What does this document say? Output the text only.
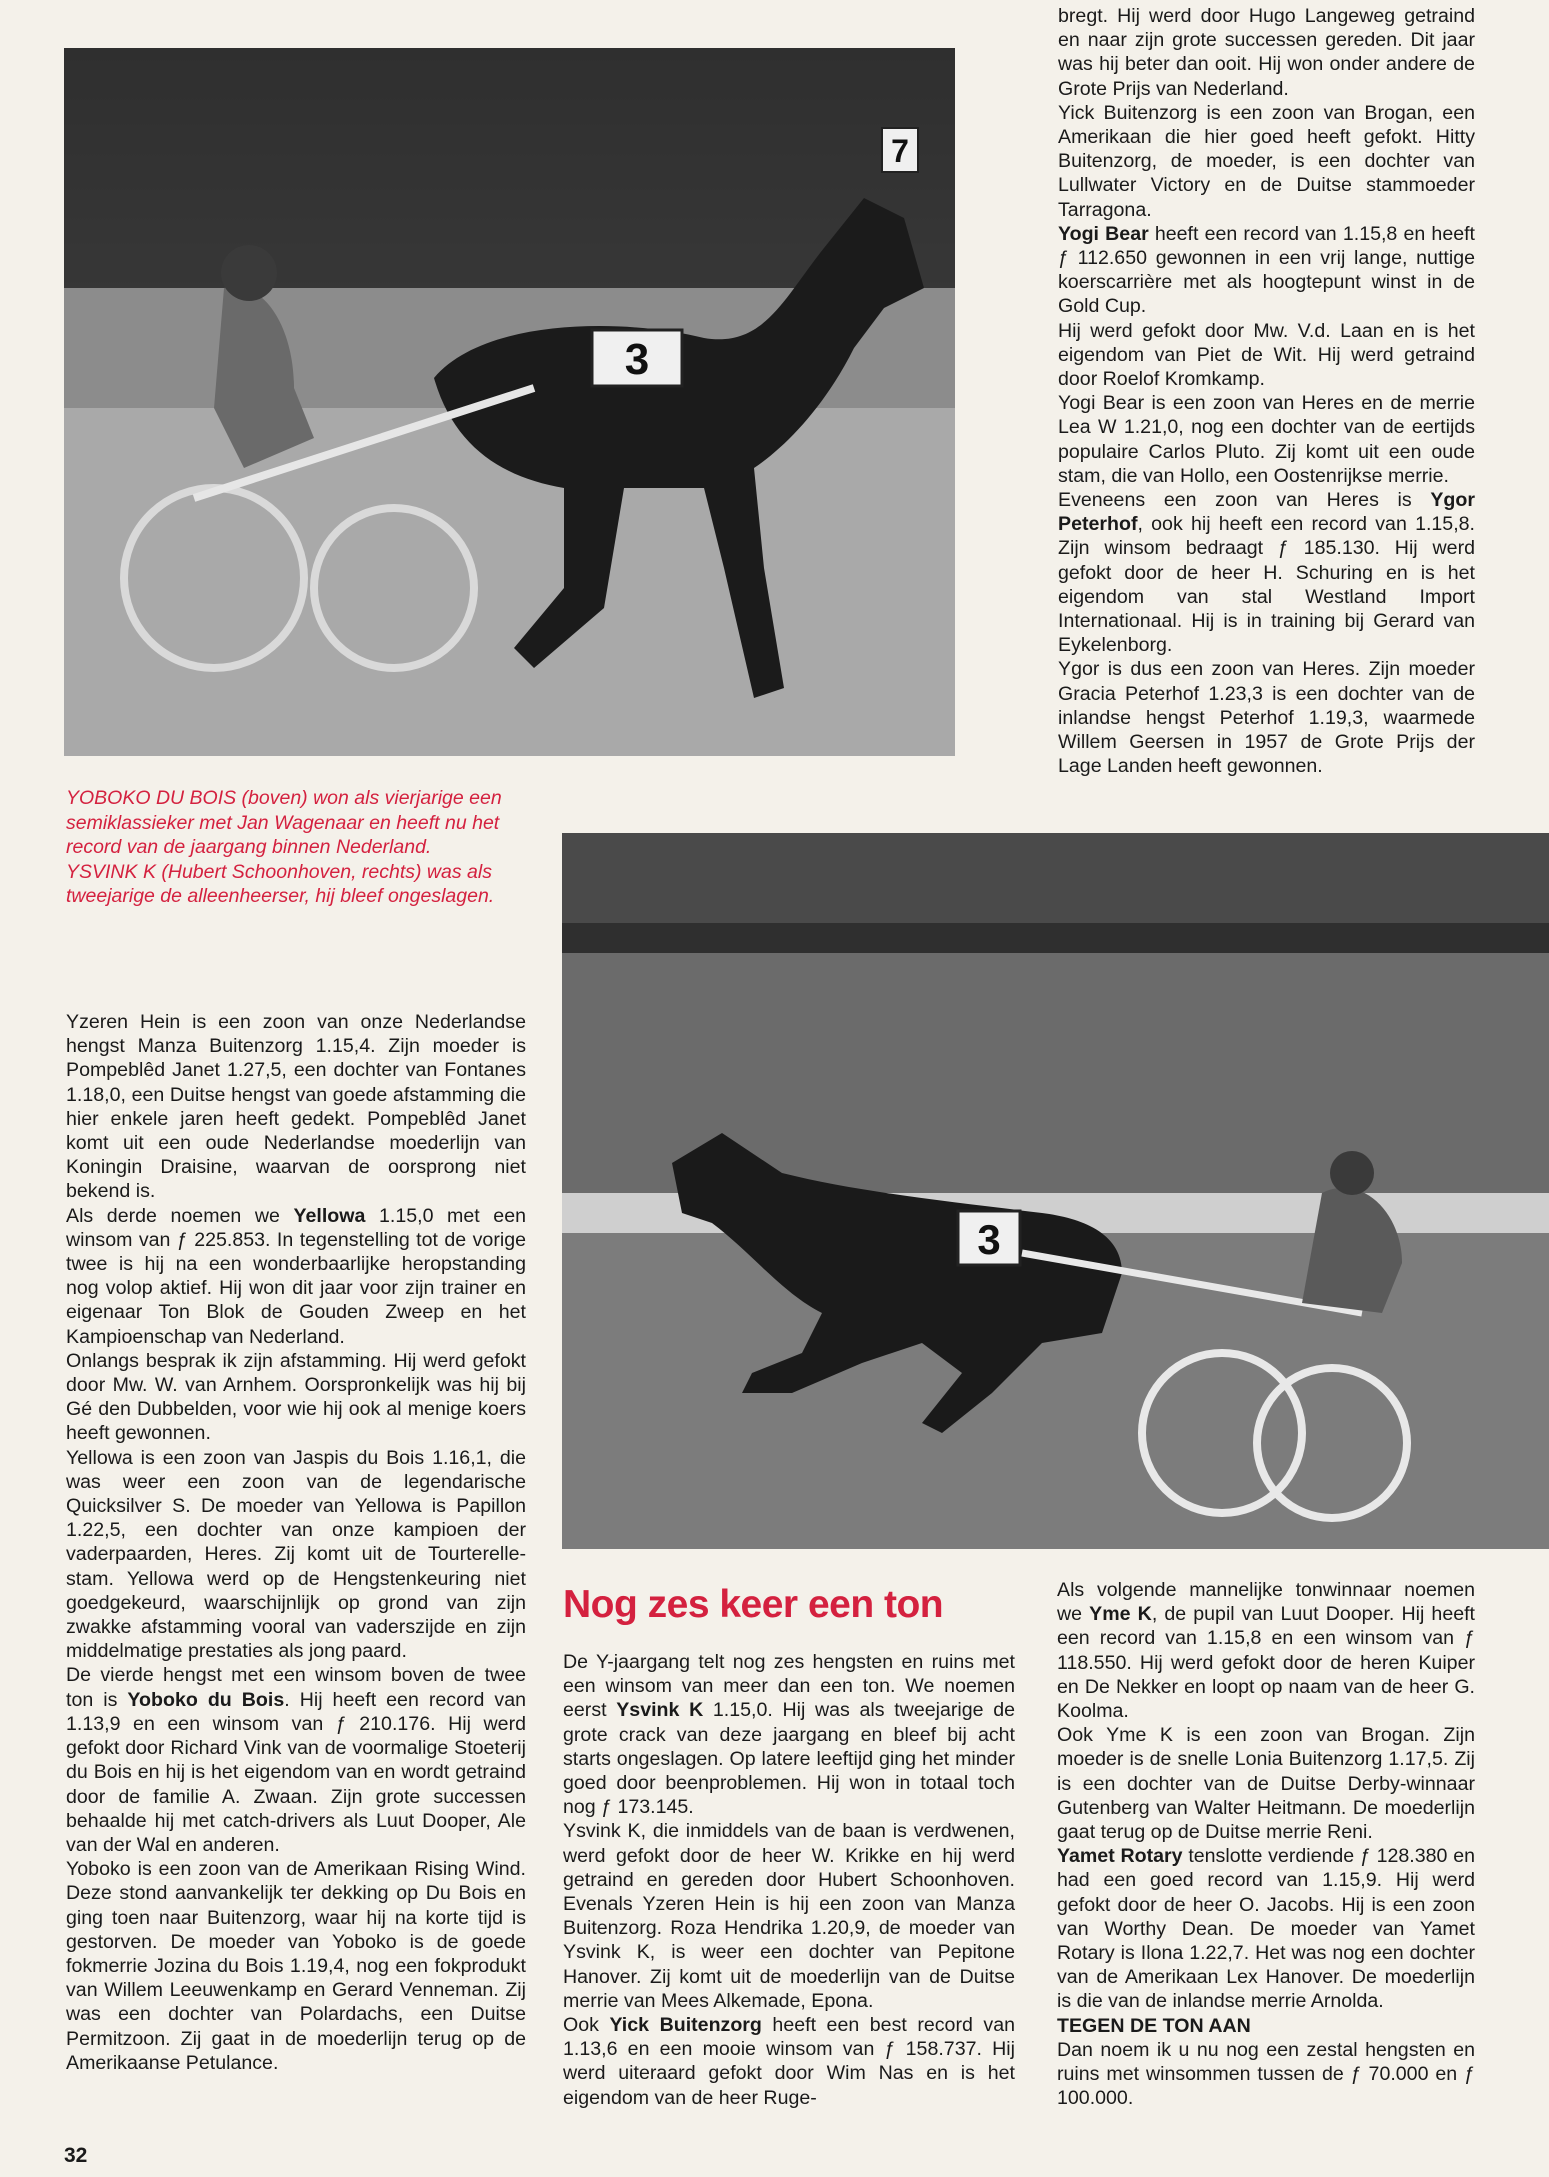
3
7

bregt. Hij werd door Hugo Langeweg getraind en naar zijn grote successen gereden. Dit jaar was hij beter dan ooit. Hij won onder andere de Grote Prijs van Nederland.

Yick Buitenzorg is een zoon van Brogan, een Amerikaan die hier goed heeft gefokt. Hitty Buitenzorg, de moeder, is een dochter van Lullwater Victory en de Duitse stammoeder Tarragona.

Yogi Bear heeft een record van 1.15,8 en heeft ƒ 112.650 gewonnen in een vrij lange, nuttige koerscarrière met als hoogtepunt winst in de Gold Cup.

Hij werd gefokt door Mw. V.d. Laan en is het eigendom van Piet de Wit. Hij werd getraind door Roelof Kromkamp.

Yogi Bear is een zoon van Heres en de merrie Lea W 1.21,0, nog een dochter van de eertijds populaire Carlos Pluto. Zij komt uit een oude stam, die van Hollo, een Oostenrijkse merrie.

Eveneens een zoon van Heres is Ygor Peterhof, ook hij heeft een record van 1.15,8. Zijn winsom bedraagt ƒ 185.130. Hij werd gefokt door de heer H. Schuring en is het eigendom van stal Westland Import Internationaal. Hij is in training bij Gerard van Eykelenborg.

Ygor is dus een zoon van Heres. Zijn moeder Gracia Peterhof 1.23,3 is een dochter van de inlandse hengst Peterhof 1.19,3, waarmede Willem Geersen in 1957 de Grote Prijs der Lage Landen heeft gewonnen.

YOBOKO DU BOIS (boven) won als vierjarige een semiklassieker met Jan Wagenaar en heeft nu het record van de jaargang binnen Nederland.

YSVINK K (Hubert Schoonhoven, rechts) was als tweejarige de alleenheerser, hij bleef ongeslagen.

3

Yzeren Hein is een zoon van onze Nederlandse hengst Manza Buitenzorg 1.15,4. Zijn moeder is Pompeblêd Janet 1.27,5, een dochter van Fontanes 1.18,0, een Duitse hengst van goede afstamming die hier enkele jaren heeft gedekt. Pompeblêd Janet komt uit een oude Nederlandse moederlijn van Koningin Draisine, waarvan de oorsprong niet bekend is.

Als derde noemen we Yellowa 1.15,0 met een winsom van ƒ 225.853. In tegenstelling tot de vorige twee is hij na een wonderbaarlijke heropstanding nog volop aktief. Hij won dit jaar voor zijn trainer en eigenaar Ton Blok de Gouden Zweep en het Kampioenschap van Nederland.

Onlangs besprak ik zijn afstamming. Hij werd gefokt door Mw. W. van Arnhem. Oorspronkelijk was hij bij Gé den Dubbelden, voor wie hij ook al menige koers heeft gewonnen.

Yellowa is een zoon van Jaspis du Bois 1.16,1, die was weer een zoon van de legendarische Quicksilver S. De moeder van Yellowa is Papillon 1.22,5, een dochter van onze kampioen der vaderpaarden, Heres. Zij komt uit de Tourterelle-stam. Yellowa werd op de Hengstenkeuring niet goedgekeurd, waarschijnlijk op grond van zijn zwakke afstamming vooral van vaderszijde en zijn middelmatige prestaties als jong paard.

De vierde hengst met een winsom boven de twee ton is Yoboko du Bois. Hij heeft een record van 1.13,9 en een winsom van ƒ 210.176. Hij werd gefokt door Richard Vink van de voormalige Stoeterij du Bois en hij is het eigendom van en wordt getraind door de familie A. Zwaan. Zijn grote successen behaalde hij met catch-drivers als Luut Dooper, Ale van der Wal en anderen.

Yoboko is een zoon van de Amerikaan Rising Wind. Deze stond aanvankelijk ter dekking op Du Bois en ging toen naar Buitenzorg, waar hij na korte tijd is gestorven. De moeder van Yoboko is de goede fokmerrie Jozina du Bois 1.19,4, nog een fokprodukt van Willem Leeuwenkamp en Gerard Venneman. Zij was een dochter van Polardachs, een Duitse Permitzoon. Zij gaat in de moederlijn terug op de Amerikaanse Petulance.

Nog zes keer een ton

De Y-jaargang telt nog zes hengsten en ruins met een winsom van meer dan een ton. We noemen eerst Ysvink K 1.15,0. Hij was als tweejarige de grote crack van deze jaargang en bleef bij acht starts ongeslagen. Op latere leeftijd ging het minder goed door beenproblemen. Hij won in totaal toch nog ƒ 173.145.

Ysvink K, die inmiddels van de baan is verdwenen, werd gefokt door de heer W. Krikke en hij werd getraind en gereden door Hubert Schoonhoven. Evenals Yzeren Hein is hij een zoon van Manza Buitenzorg. Roza Hendrika 1.20,9, de moeder van Ysvink K, is weer een dochter van Pepitone Hanover. Zij komt uit de moederlijn van de Duitse merrie van Mees Alkemade, Epona.

Ook Yick Buitenzorg heeft een best record van 1.13,6 en een mooie winsom van ƒ 158.737. Hij werd uiteraard gefokt door Wim Nas en is het eigendom van de heer Ruge-

Als volgende mannelijke tonwinnaar noemen we Yme K, de pupil van Luut Dooper. Hij heeft een record van 1.15,8 en een winsom van ƒ 118.550. Hij werd gefokt door de heren Kuiper en De Nekker en loopt op naam van de heer G. Koolma.

Ook Yme K is een zoon van Brogan. Zijn moeder is de snelle Lonia Buitenzorg 1.17,5. Zij is een dochter van de Duitse Derby-winnaar Gutenberg van Walter Heitmann. De moederlijn gaat terug op de Duitse merrie Reni.

Yamet Rotary tenslotte verdiende ƒ 128.380 en had een goed record van 1.15,9. Hij werd gefokt door de heer O. Jacobs. Hij is een zoon van Worthy Dean. De moeder van Yamet Rotary is Ilona 1.22,7. Het was nog een dochter van de Amerikaan Lex Hanover. De moederlijn is die van de inlandse merrie Arnolda.

TEGEN DE TON AAN

Dan noem ik u nu nog een zestal hengsten en ruins met winsommen tussen de ƒ 70.000 en ƒ 100.000.

32
